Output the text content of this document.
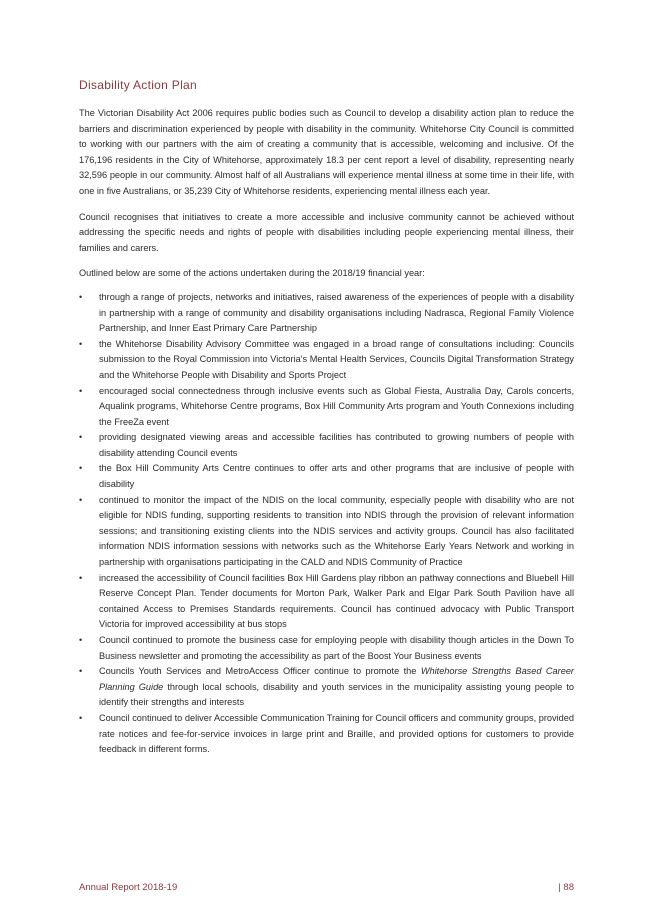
Disability Action Plan

The Victorian Disability Act 2006 requires public bodies such as Council to develop a disability action plan to reduce the barriers and discrimination experienced by people with disability in the community. Whitehorse City Council is committed to working with our partners with the aim of creating a community that is accessible, welcoming and inclusive. Of the 176,196 residents in the City of Whitehorse, approximately 18.3 per cent report a level of disability, representing nearly 32,596 people in our community. Almost half of all Australians will experience mental illness at some time in their life, with one in five Australians, or 35,239 City of Whitehorse residents, experiencing mental illness each year.

Council recognises that initiatives to create a more accessible and inclusive community cannot be achieved without addressing the specific needs and rights of people with disabilities including people experiencing mental illness, their families and carers.

Outlined below are some of the actions undertaken during the 2018/19 financial year:

• through a range of projects, networks and initiatives, raised awareness of the experiences of people with a disability in partnership with a range of community and disability organisations including Nadrasca, Regional Family Violence Partnership, and Inner East Primary Care Partnership
• the Whitehorse Disability Advisory Committee was engaged in a broad range of consultations including: Councils submission to the Royal Commission into Victoria's Mental Health Services, Councils Digital Transformation Strategy and the Whitehorse People with Disability and Sports Project
• encouraged social connectedness through inclusive events such as Global Fiesta, Australia Day, Carols concerts, Aqualink programs, Whitehorse Centre programs, Box Hill Community Arts program and Youth Connexions including the FreeZa event
• providing designated viewing areas and accessible facilities has contributed to growing numbers of people with disability attending Council events
• the Box Hill Community Arts Centre continues to offer arts and other programs that are inclusive of people with disability
• continued to monitor the impact of the NDIS on the local community, especially people with disability who are not eligible for NDIS funding, supporting residents to transition into NDIS through the provision of relevant information sessions; and transitioning existing clients into the NDIS services and activity groups. Council has also facilitated information NDIS information sessions with networks such as the Whitehorse Early Years Network and working in partnership with organisations participating in the CALD and NDIS Community of Practice
• increased the accessibility of Council facilities Box Hill Gardens play ribbon an pathway connections and Bluebell Hill Reserve Concept Plan. Tender documents for Morton Park, Walker Park and Elgar Park South Pavilion have all contained Access to Premises Standards requirements. Council has continued advocacy with Public Transport Victoria for improved accessibility at bus stops
• Council continued to promote the business case for employing people with disability though articles in the Down To Business newsletter and promoting the accessibility as part of the Boost Your Business events
• Councils Youth Services and MetroAccess Officer continue to promote the Whitehorse Strengths Based Career Planning Guide through local schools, disability and youth services in the municipality assisting young people to identify their strengths and interests
• Council continued to deliver Accessible Communication Training for Council officers and community groups, provided rate notices and fee-for-service invoices in large print and Braille, and provided options for customers to provide feedback in different forms.
Annual Report 2018-19	| 88
